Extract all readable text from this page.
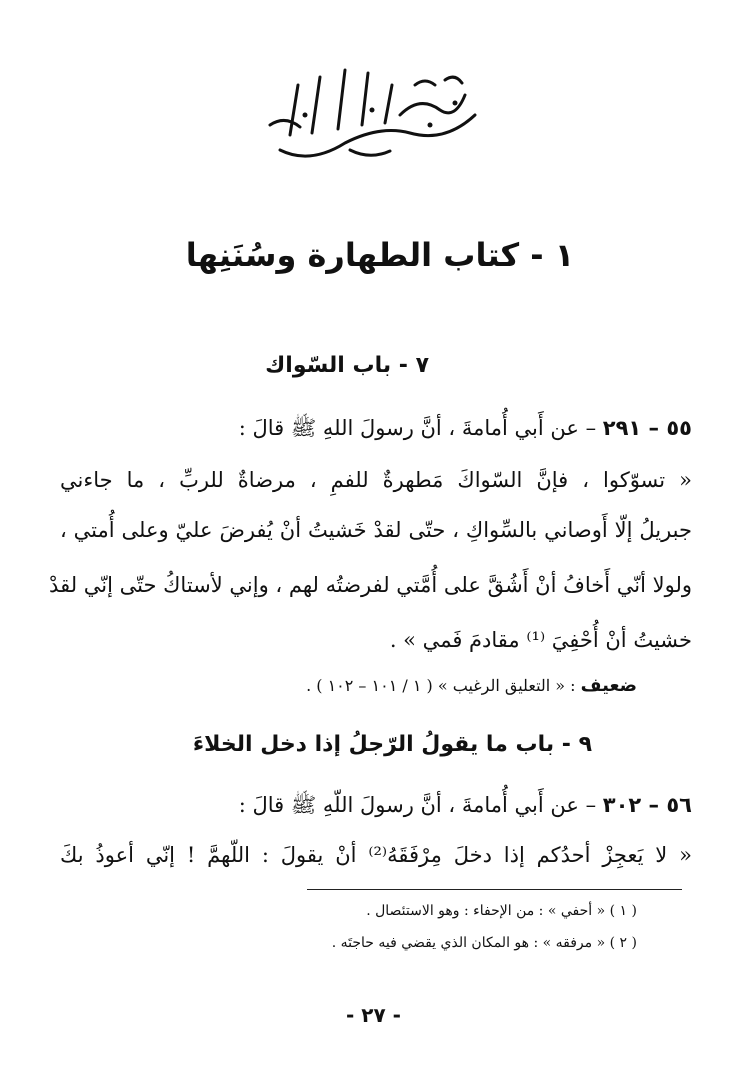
١ - كتاب الطهارة وسُنَنِها
٧ - باب السّواك
٥٥ – ٢٩١ – عن أَبي أُمامةَ ، أنَّ رسولَ اللهِ ﷺ قالَ :
« تسوّكوا ، فإنَّ السّواكَ مَطهرةٌ للفمِ ، مرضاةٌ للربِّ ، ما جاءني
جبريلُ إلّا أَوصاني بالسِّواكِ ، حتّى لقدْ خَشيتُ أنْ يُفرضَ عليّ وعلى أُمتي ،
ولولا أنّي أَخافُ أنْ أَشُقَّ على أُمَّتي لفرضتُه لهم ، وإني لأستاكُ حتّى إنّي لقدْ
خشيتُ أنْ أُحْفِيَ ⁽¹⁾ مقادمَ فَمي » .
ضعيف : « التعليق الرغيب » ( ١ / ١٠١ – ١٠٢ ) .
٩ - باب ما يقولُ الرّجلُ إذا دخل الخلاءَ
٥٦ – ٣٠٢ – عن أَبي أُمامةَ ، أنَّ رسولَ اللّهِ ﷺ قالَ :
« لا يَعجِزْ أحدُكم إذا دخلَ مِرْفَقَهُ⁽²⁾ أنْ يقولَ : اللّهمَّ ! إنّي أعوذُ بكَ
( ١ ) « أحفي » : من الإحفاء : وهو الاستئصال .
( ٢ ) « مرفقه » : هو المكان الذي يقضي فيه حاجتَه .
- ٢٧ -
